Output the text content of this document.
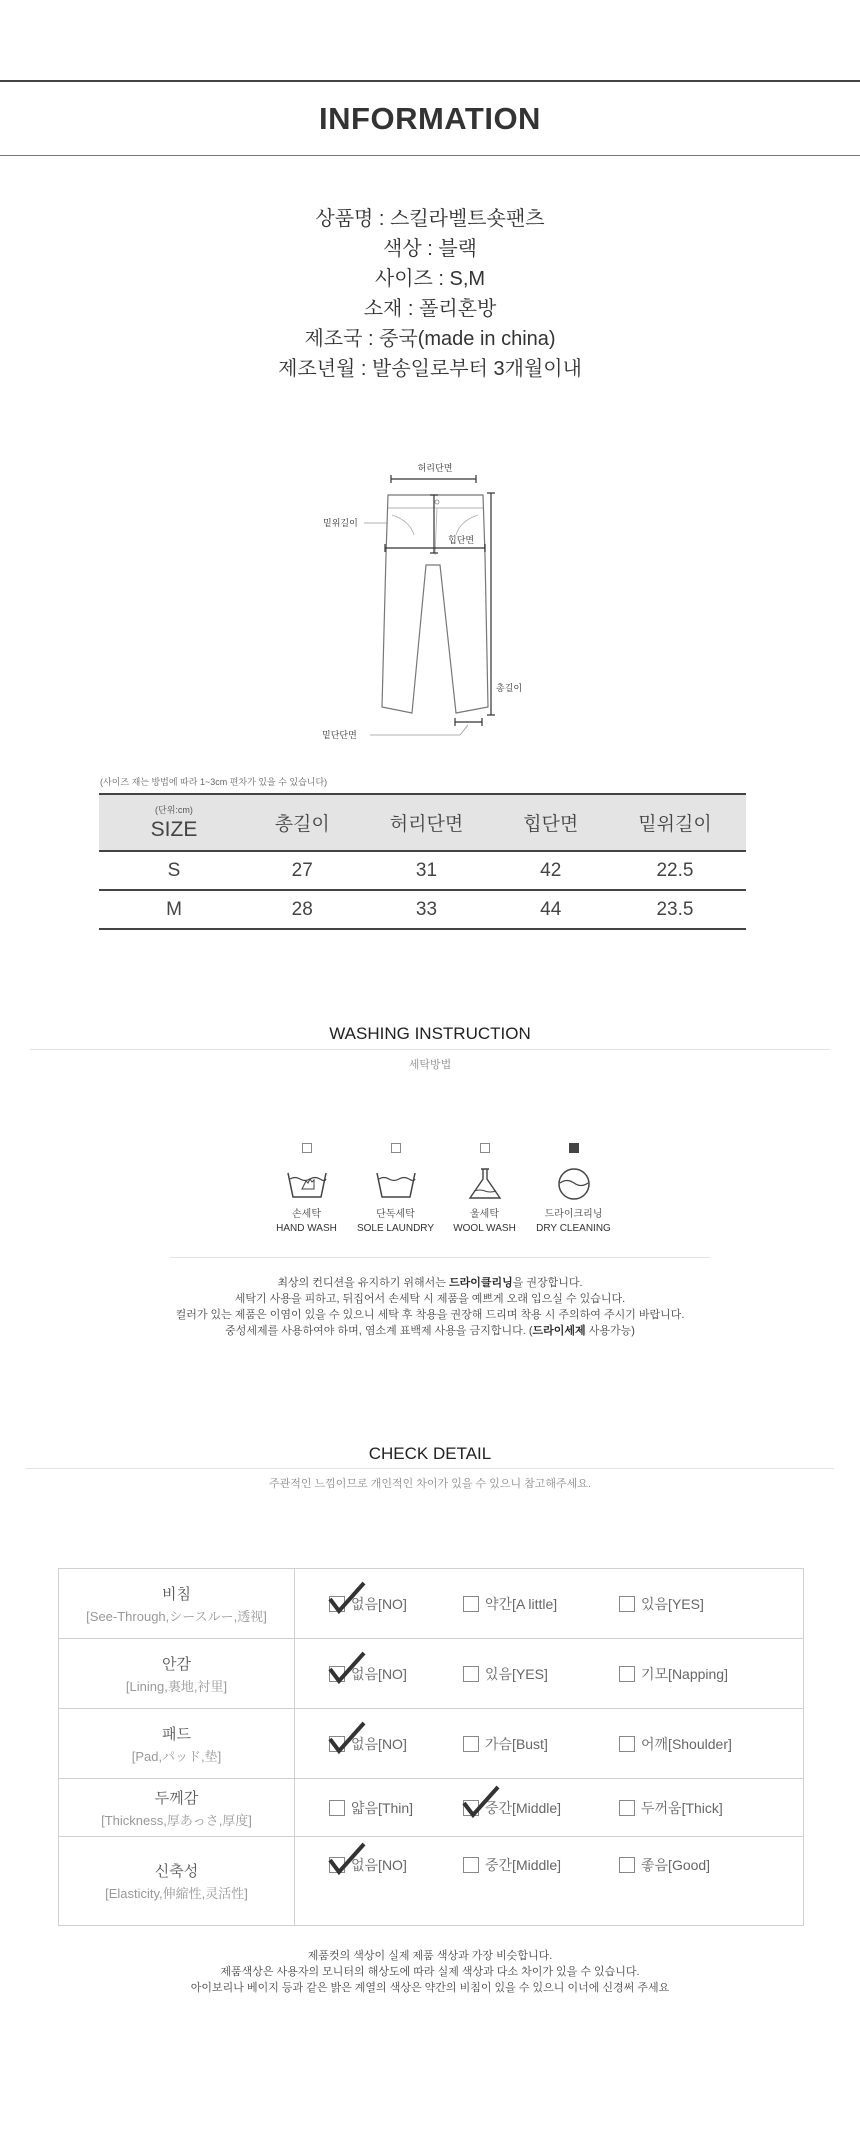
INFORMATION

상품명 : 스킬라벨트숏팬츠

색상 : 블랙

사이즈 : S,M

소재 : 폴리혼방

제조국 : 중국(made in china)

제조년월 : 발송일로부터 3개월이내

허리단면
밑위길이
힙단면
총길이
밑단단면
(사이즈 재는 방법에 따라 1~3cm 편차가 있을 수 있습니다)
(단위:cm)
SIZE	총길이	허리단면	힙단면	밑위길이
S	27	31	42	22.5
M	28	33	44	23.5
WASHING INSTRUCTION
세탁방법
손세탁
HAND WASH
단독세탁
SOLE LAUNDRY
울세탁
WOOL WASH
드라이크리닝
DRY CLEANING

최상의 컨디션을 유지하기 위해서는 드라이클리닝을 권장합니다.

세탁기 사용을 피하고, 뒤집어서 손세탁 시 제품을 예쁘게 오래 입으실 수 있습니다.

컬러가 있는 제품은 이염이 있을 수 있으니 세탁 후 착용을 권장해 드리며 착용 시 주의하여 주시기 바랍니다.

중성세제를 사용하여야 하며, 염소계 표백제 사용을 금지합니다. (드라이세제 사용가능)

CHECK DETAIL
주관적인 느낌이므로 개인적인 차이가 있을 수 있으니 참고해주세요.
비침
[See-Through,シースルー,透视]
없음[NO]	약간[A little]	있음[YES]
안감
[Lining,裏地,衬里]
없음[NO]	있음[YES]	기모[Napping]
패드
[Pad,パッド,垫]
없음[NO]	가슴[Bust]	어깨[Shoulder]
두께감
[Thickness,厚あっさ,厚度]
얇음[Thin]	중간[Middle]	두꺼움[Thick]
신축성
[Elasticity,伸縮性,灵活性]
없음[NO]	중간[Middle]	좋음[Good]

제품컷의 색상이 실제 제품 색상과 가장 비슷합니다.

제품색상은 사용자의 모니터의 해상도에 따라 실제 색상과 다소 차이가 있을 수 있습니다.

아이보리나 베이지 등과 같은 밝은 계열의 색상은 약간의 비침이 있을 수 있으니 이너에 신경써 주세요
